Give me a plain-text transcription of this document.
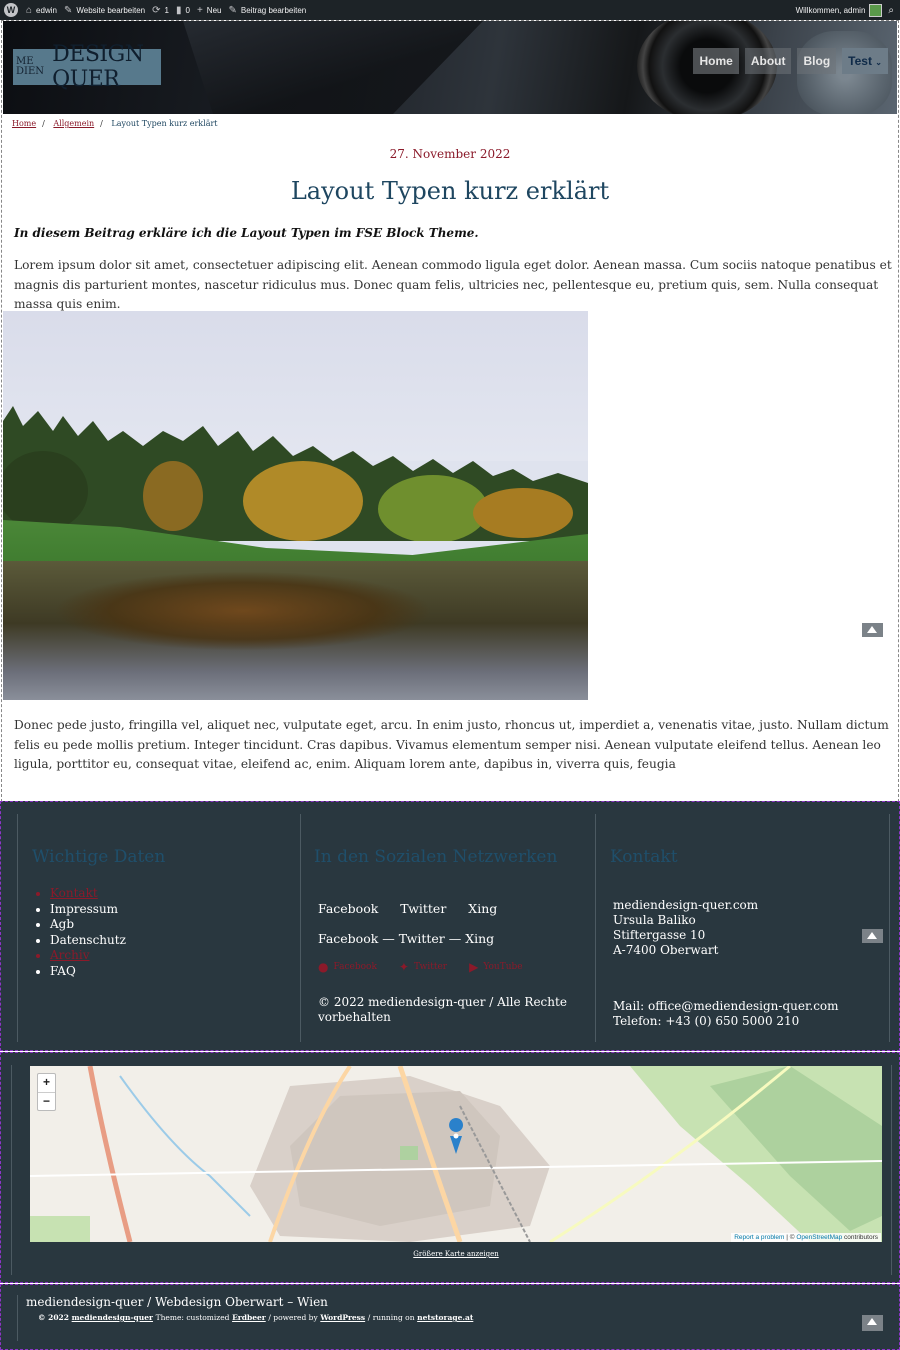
W ⌂ edwin ✎ Website bearbeiten ⟳ 1 ▮ 0 + Neu ✎ Beitrag bearbeiten	Willkommen, admin ⌕
ME DIEN
DESIGN QUER
Home	About	Blog	Test ⌄
Home / Allgemein / Layout Typen kurz erklärt
27. November 2022
Layout Typen kurz erklärt
In diesem Beitrag erkläre ich die Layout Typen im FSE Block Theme.
Lorem ipsum dolor sit amet, consectetuer adipiscing elit. Aenean commodo ligula eget dolor. Aenean massa. Cum sociis natoque penatibus et magnis dis parturient montes, nascetur ridiculus mus. Donec quam felis, ultricies nec, pellentesque eu, pretium quis, sem. Nulla consequat massa quis enim.
Donec pede justo, fringilla vel, aliquet nec, vulputate eget, arcu. In enim justo, rhoncus ut, imperdiet a, venenatis vitae, justo. Nullam dictum felis eu pede mollis pretium. Integer tincidunt. Cras dapibus. Vivamus elementum semper nisi. Aenean vulputate eleifend tellus. Aenean leo ligula, porttitor eu, consequat vitae, eleifend ac, enim. Aliquam lorem ante, dapibus in, viverra quis, feugia
Wichtige Daten
• Kontakt
• Impressum
• Agb
• Datenschutz
• Archiv
• FAQ
In den Sozialen Netzwerken
Facebook Twitter Xing
Facebook — Twitter — Xing
● Facebook ✦ Twitter ▶ YouTube
© 2022 mediendesign-quer / Alle Rechte vorbehalten
Kontakt
mediendesign-quer.com
Ursula Baliko
Stiftergasse 10
A-7400 Oberwart
Mail: office@mediendesign-quer.com
Telefon: +43 (0) 650 5000 210
+
−
Report a problem | © OpenStreetMap contributors
Größere Karte anzeigen
mediendesign-quer / Webdesign Oberwart – Wien
© 2022 mediendesign-quer Theme: customized Erdbeer / powered by WordPress / running on netstorage.at
